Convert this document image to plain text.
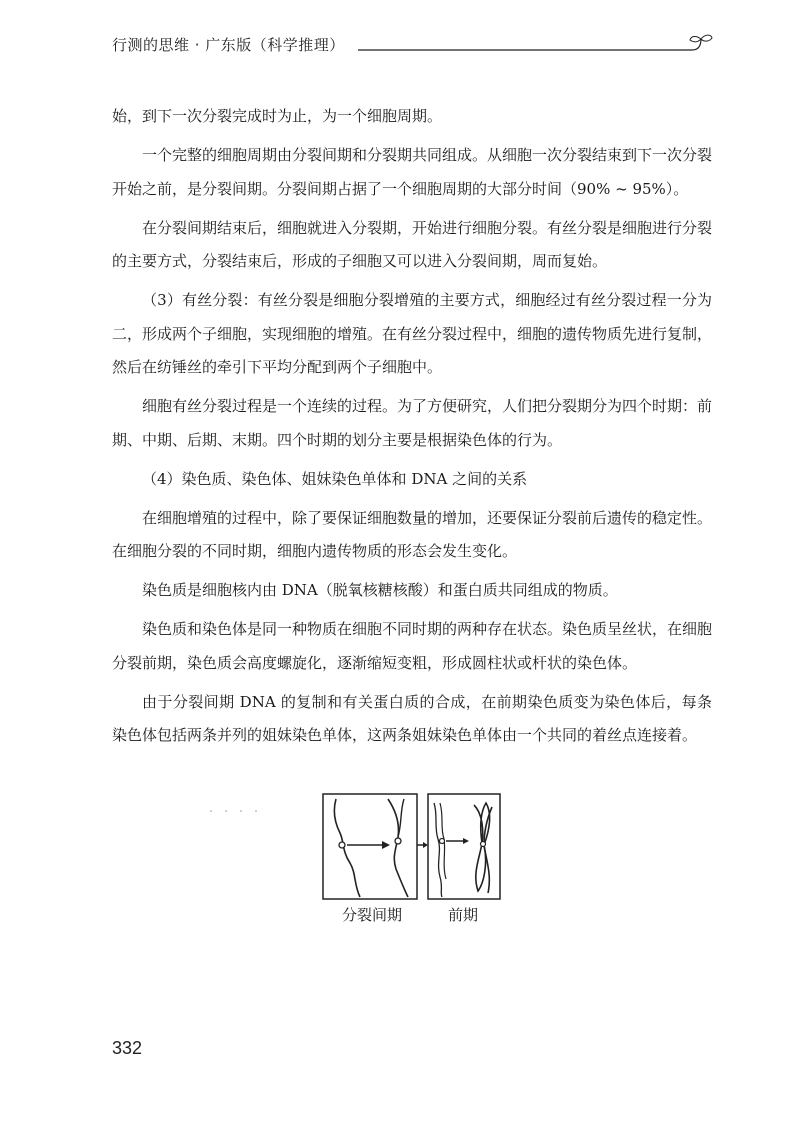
行测的思维 · 广东版（科学推理）

始，到下一次分裂完成时为止，为一个细胞周期。

一个完整的细胞周期由分裂间期和分裂期共同组成。从细胞一次分裂结束到下一次分裂开始之前，是分裂间期。分裂间期占据了一个细胞周期的大部分时间（90% ~ 95%）。

在分裂间期结束后，细胞就进入分裂期，开始进行细胞分裂。有丝分裂是细胞进行分裂的主要方式，分裂结束后，形成的子细胞又可以进入分裂间期，周而复始。

（3）有丝分裂：有丝分裂是细胞分裂增殖的主要方式，细胞经过有丝分裂过程一分为二，形成两个子细胞，实现细胞的增殖。在有丝分裂过程中，细胞的遗传物质先进行复制，然后在纺锤丝的牵引下平均分配到两个子细胞中。

细胞有丝分裂过程是一个连续的过程。为了方便研究，人们把分裂期分为四个时期：前期、中期、后期、末期。四个时期的划分主要是根据染色体的行为。

（4）染色质、染色体、姐妹染色单体和 DNA 之间的关系

在细胞增殖的过程中，除了要保证细胞数量的增加，还要保证分裂前后遗传的稳定性。在细胞分裂的不同时期，细胞内遗传物质的形态会发生变化。

染色质是细胞核内由 DNA（脱氧核糖核酸）和蛋白质共同组成的物质。

染色质和染色体是同一种物质在细胞不同时期的两种存在状态。染色质呈丝状，在细胞分裂前期，染色质会高度螺旋化，逐渐缩短变粗，形成圆柱状或杆状的染色体。

由于分裂间期 DNA 的复制和有关蛋白质的合成，在前期染色质变为染色体后，每条染色体包括两条并列的姐妹染色单体，这两条姐妹染色单体由一个共同的着丝点连接着。

分裂间期	前期
332
